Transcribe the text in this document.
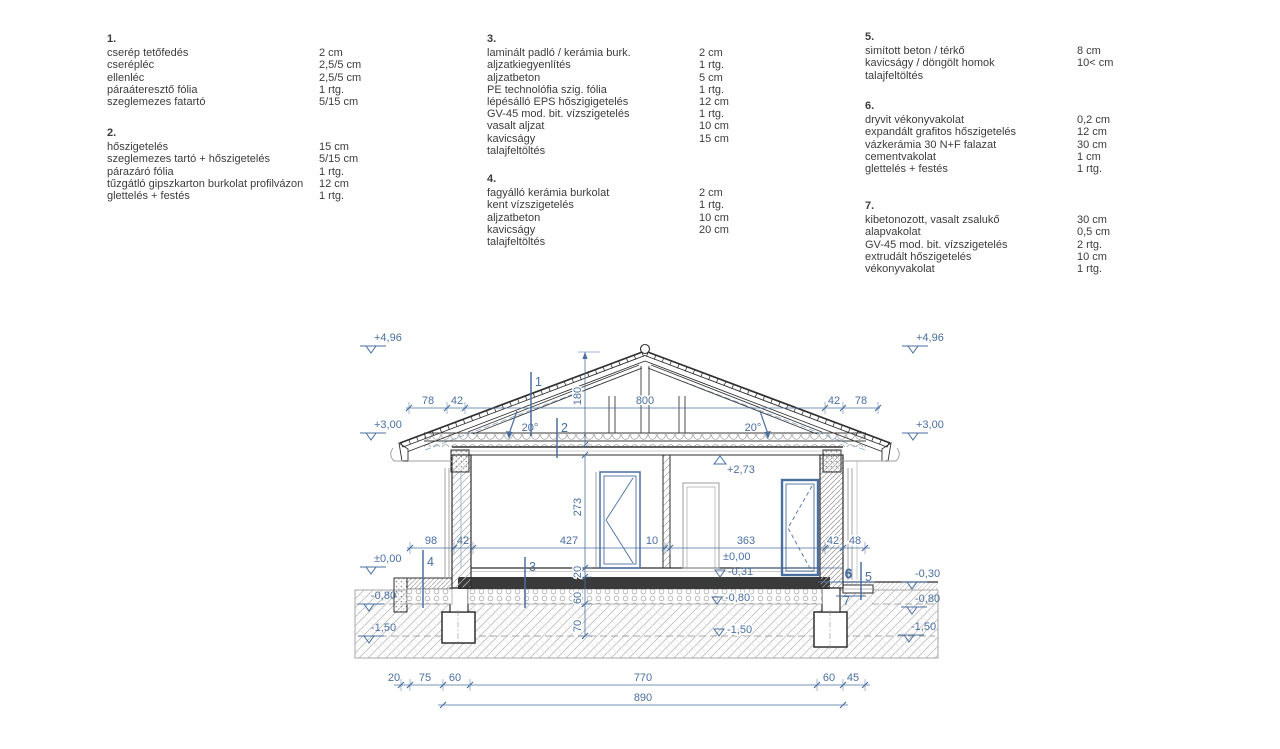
1.
cserép tetőfedés	2 cm
cserépléc	2,5/5 cm
ellenléc	2,5/5 cm
páraáteresztő fólia	1 rtg.
szeglemezes fatartó	5/15 cm
2.
hőszigetelés	15 cm
szeglemezes tartó + hőszigetelés	5/15 cm
párazáró fólia	1 rtg.
tűzgátló gipszkarton burkolat profilvázon 12 cm
glettelés + festés	1 rtg.
3.
laminált padló / kerámia burk.	2 cm
aljzatkiegyenlítés	1 rtg.
aljzatbeton	5 cm
PE technolófia szig. fólia	1 rtg.
lépésálló EPS hőszigigetelés	12 cm
GV-45 mod. bit. vízszigetelés	1 rtg.
vasalt aljzat	10 cm
kavicságy	15 cm
talajfeltöltés
4.
fagyálló kerámia burkolat	2 cm
kent vízszigetelés	1 rtg.
aljzatbeton	10 cm
kavicságy	20 cm
talajfeltöltés
5.
simított beton / térkő	8 cm
kavicságy / döngölt homok	10< cm
talajfeltöltés
6.
dryvit vékonyvakolat	0,2 cm
expandált grafitos hőszigetelés	12 cm
vázkerámia 30 N+F falazat	30 cm
cementvakolat	1 cm
glettelés + festés	1 rtg.
7.
kibetonozott, vasalt zsalukő	30 cm
alapvakolat	0,5 cm
GV-45 mod. bit. vízszigetelés	2 rtg.
extrudált hőszigetelés	10 cm
vékonyvakolat	1 rtg.
78 42	800	42 78
98 42	427	10	363	42 48
20 75 60	770	60 45
890
180
273
20
60
70
20°	20°
1
2
3
4
5
6
7
+4,96
+3,00
±0,00
-0,80
-1,50
+4,96
+3,00
-0,30
-0,80
-1,50
+2,73
±0,00
-0,31
-0,80
-1,50
